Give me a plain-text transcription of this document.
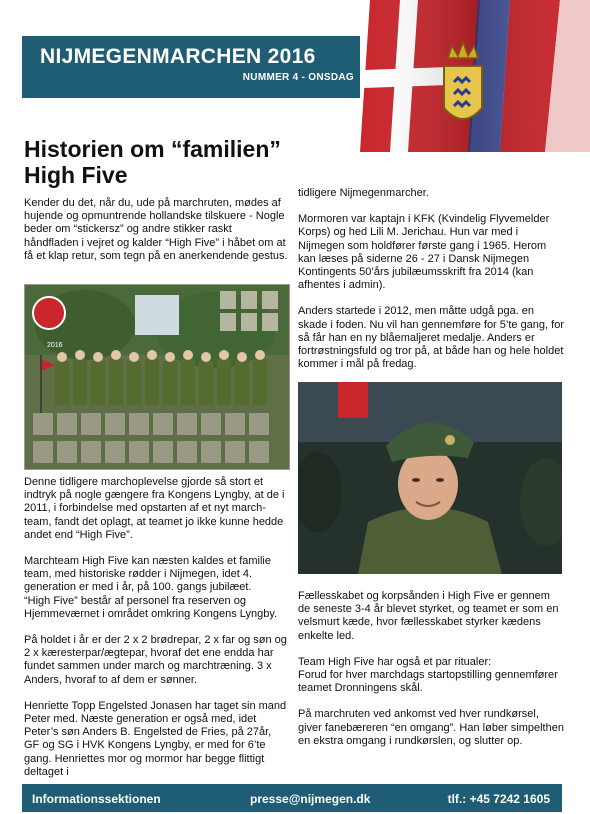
NIJMEGENMARCHEN 2016
NUMMER 4 - ONSDAG
Historien om “familien”
High Five

Kender du det, når du, ude på marchruten, mødes af hujende og opmuntrende hollandske tilskuere - Nogle beder om “stickersz” og andre stikker raskt håndfladen i vejret og kalder “High Five” i håbet om at få et klap retur, som tegn på en anerkendende gestus.

2016

Denne tidligere marchoplevelse gjorde så stort et indtryk på nogle gængere fra Kongens Lyngby, at de i 2011, i forbindelse med opstarten af et nyt march-team, fandt det oplagt, at teamet jo ikke kunne hedde andet end “High Five”.

Marchteam High Five kan næsten kaldes et familie team, med historiske rødder i Nijmegen, idet 4. generation er med i år, på 100. gangs jubilæet.
“High Five” består af personel fra reserven og Hjemmeværnet i området omkring Kongens Lyngby.

På holdet i år er der 2 x 2 brødrepar, 2 x far og søn og 2 x kæresterpar/ægtepar, hvoraf det ene endda har fundet sammen under march og marchtræning. 3 x Anders, hvoraf to af dem er sønner.

Henriette Topp Engelsted Jonasen har taget sin mand Peter med. Næste generation er også med, idet Peter’s søn Anders B. Engelsted de Fries, på 27år, GF og SG i HVK Kongens Lyngby, er med for 6’te gang. Henriettes mor og mormor har begge flittigt deltaget i

tidligere Nijmegenmarcher.

Mormoren var kaptajn i KFK (Kvindelig Flyvemelder Korps) og hed Lili M. Jerichau. Hun var med i Nijmegen som holdfører første gang i 1965. Herom kan læses på siderne 26 - 27 i Dansk Nijmegen Kontingents 50’års jubilæumsskrift fra 2014 (kan afhentes i admin).

Anders startede i 2012, men måtte udgå pga. en skade i foden. Nu vil han gennemføre for 5’te gang, for så får han en ny blåemaljeret medalje. Anders er fortrøstningsfuld og tror på, at både han og hele holdet kommer i mål på fredag.

Fællesskabet og korpsånden i High Five er gennem de seneste 3-4 år blevet styrket, og teamet er som en velsmurt kæde, hvor fællesskabet styrker kædens enkelte led.

Team High Five har også et par ritualer:
Forud for hver marchdags startopstilling gennemfører teamet Dronningens skål.

På marchruten ved ankomst ved hver rundkørsel, giver fanebæreren “en omgang”. Han løber simpelthen en ekstra omgang i rundkørslen, og slutter op.

Informationssektionen	presse@nijmegen.dk	tlf.: +45 7242 1605
